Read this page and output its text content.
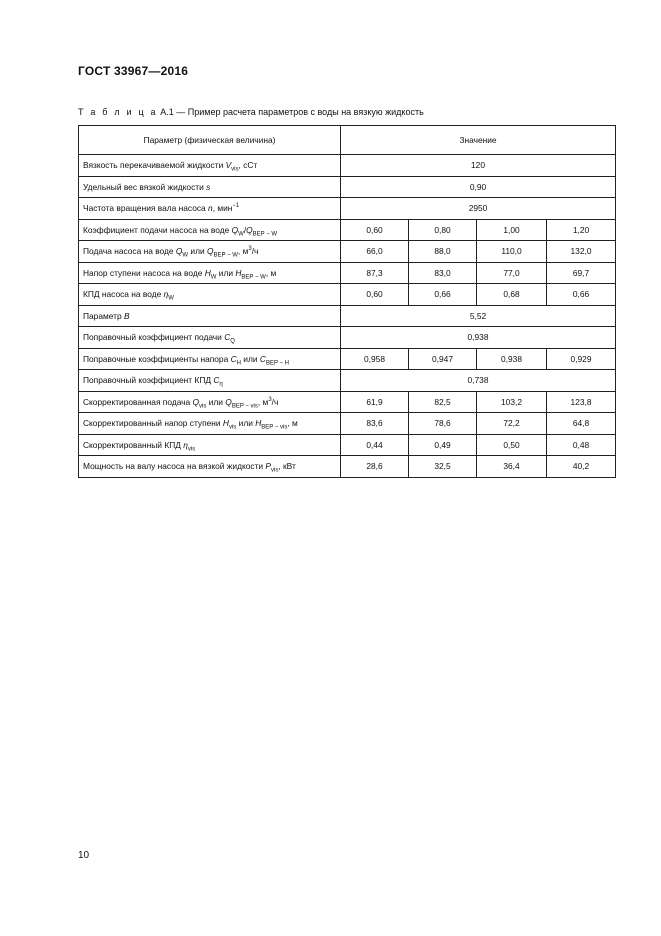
ГОСТ 33967—2016
Т а б л и ц а А.1 — Пример расчета параметров с воды на вязкую жидкость
Параметр (физическая величина)	Значение			
Вязкость перекачиваемой жидкости $V_{vis}$, сСт	120			
Удельный вес вязкой жидкости s	0,90			
Частота вращения вала насоса n, мин$^{-1}$	2950			
Коэффициент подачи насоса на воде $Q_W/Q_{BEP - W}$	0,60	0,80	1,00	1,20
Подача насоса на воде $Q_W$ или $Q_{BEP - W}$, $м^3/ч$	66,0	88,0	110,0	132,0
Напор ступени насоса на воде $H_W$ или $H_{BEP - W}$, м	87,3	83,0	77,0	69,7
КПД насоса на воде $\eta_W$	0,60	0,66	0,68	0,66
Параметр B	5,52			
Поправочный коэффициент подачи $C_Q$	0,938			
Поправочные коэффициенты напора $C_H$ или $C_{BEP - H}$	0,958	0,947	0,938	0,929
Поправочный коэффициент КПД $C_\eta$	0,738			
Скорректированная подача $Q_{vis}$ или $Q_{BEP - vis}$, $м^3/ч$	61,9	82,5	103,2	123,8
Скорректированный напор ступени $H_{vis}$ или $H_{BEP - vis}$, м	83,6	78,6	72,2	64,8
Скорректированный КПД $\eta_{vis}$	0,44	0,49	0,50	0,48
Мощность на валу насоса на вязкой жидкости $P_{vis}$, кВт	28,6	32,5	36,4	40,2
10
